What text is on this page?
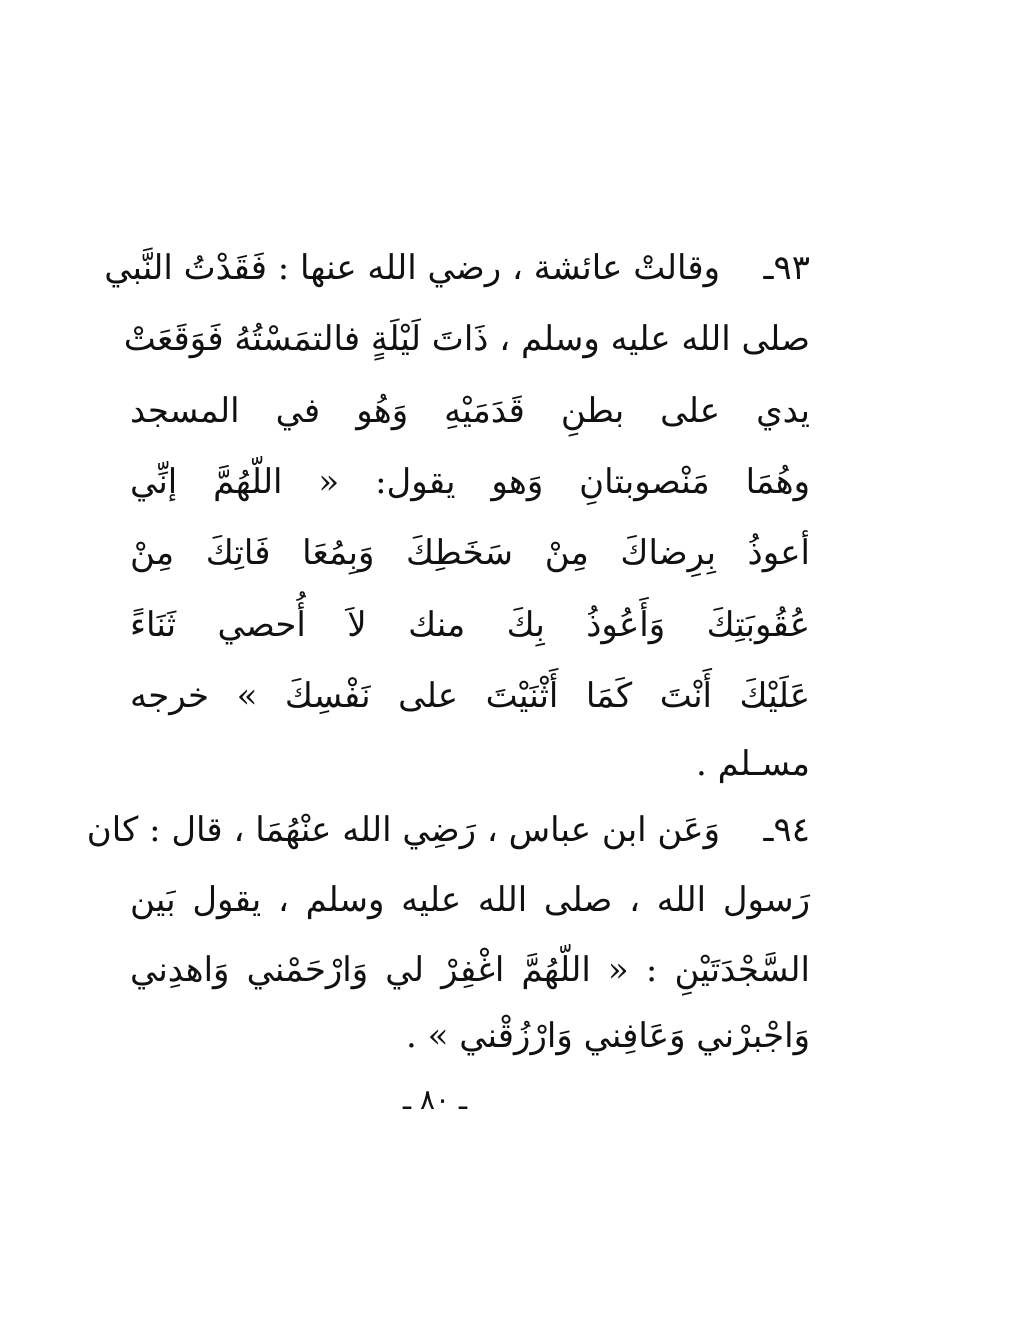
٩٣ـ
وقالتْ عائشة ، رضي الله عنها : فَقَدْتُ النَّبي
صلى الله عليه وسلم ، ذَاتَ لَيْلَةٍ فالتمَسْتُهُ فَوَقَعَتْ
يدي على بطنِ قَدَمَيْهِ وَهُو في المسجد
وهُمَا مَنْصوبتانِ وَهو يقول: « اللّهُمَّ إنِّي
أعوذُ بِرِضاكَ مِنْ سَخَطِكَ وَبِمُعَا فَاتِكَ مِنْ
عُقُوبَتِكَ وَأَعُوذُ بِكَ منك لاَ أُحصي ثَنَاءً
عَلَيْكَ أَنْتَ كَمَا أَثْنَيْتَ على نَفْسِكَ » خرجه
مسـلم .
٩٤ـ
وَعَن ابن عباس ، رَضِي الله عنْهُمَا ، قال : كان
رَسول الله ، صلى الله عليه وسلم ، يقول بَين
السَّجْدَتَيْنِ : « اللّهُمَّ اغْفِرْ لي وَارْحَمْني وَاهدِني
وَاجْبرْني وَعَافِني وَارْزُقْني » .
ـ ٨٠ ـ
